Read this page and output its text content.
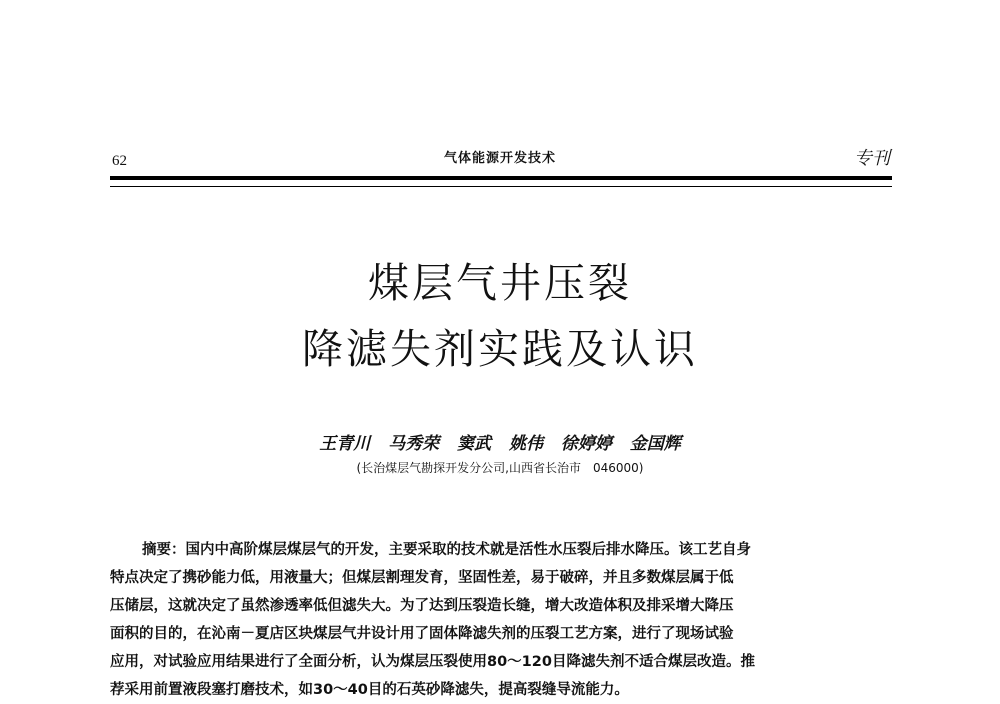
62	气体能源开发技术	专刊
煤层气井压裂
降滤失剂实践及认识
王青川 马秀荣 窦武 姚伟 徐婷婷 金国辉
(长治煤层气勘探开发分公司,山西省长治市　046000)
摘要：国内中高阶煤层煤层气的开发，主要采取的技术就是活性水压裂后排水降压。该工艺自身
特点决定了携砂能力低，用液量大；但煤层割理发育，坚固性差，易于破碎，并且多数煤层属于低
压储层，这就决定了虽然渗透率低但滤失大。为了达到压裂造长缝，增大改造体积及排采增大降压
面积的目的，在沁南－夏店区块煤层气井设计用了固体降滤失剂的压裂工艺方案，进行了现场试验
应用，对试验应用结果进行了全面分析，认为煤层压裂使用80～120目降滤失剂不适合煤层改造。推
荐采用前置液段塞打磨技术，如30～40目的石英砂降滤失，提高裂缝导流能力。
